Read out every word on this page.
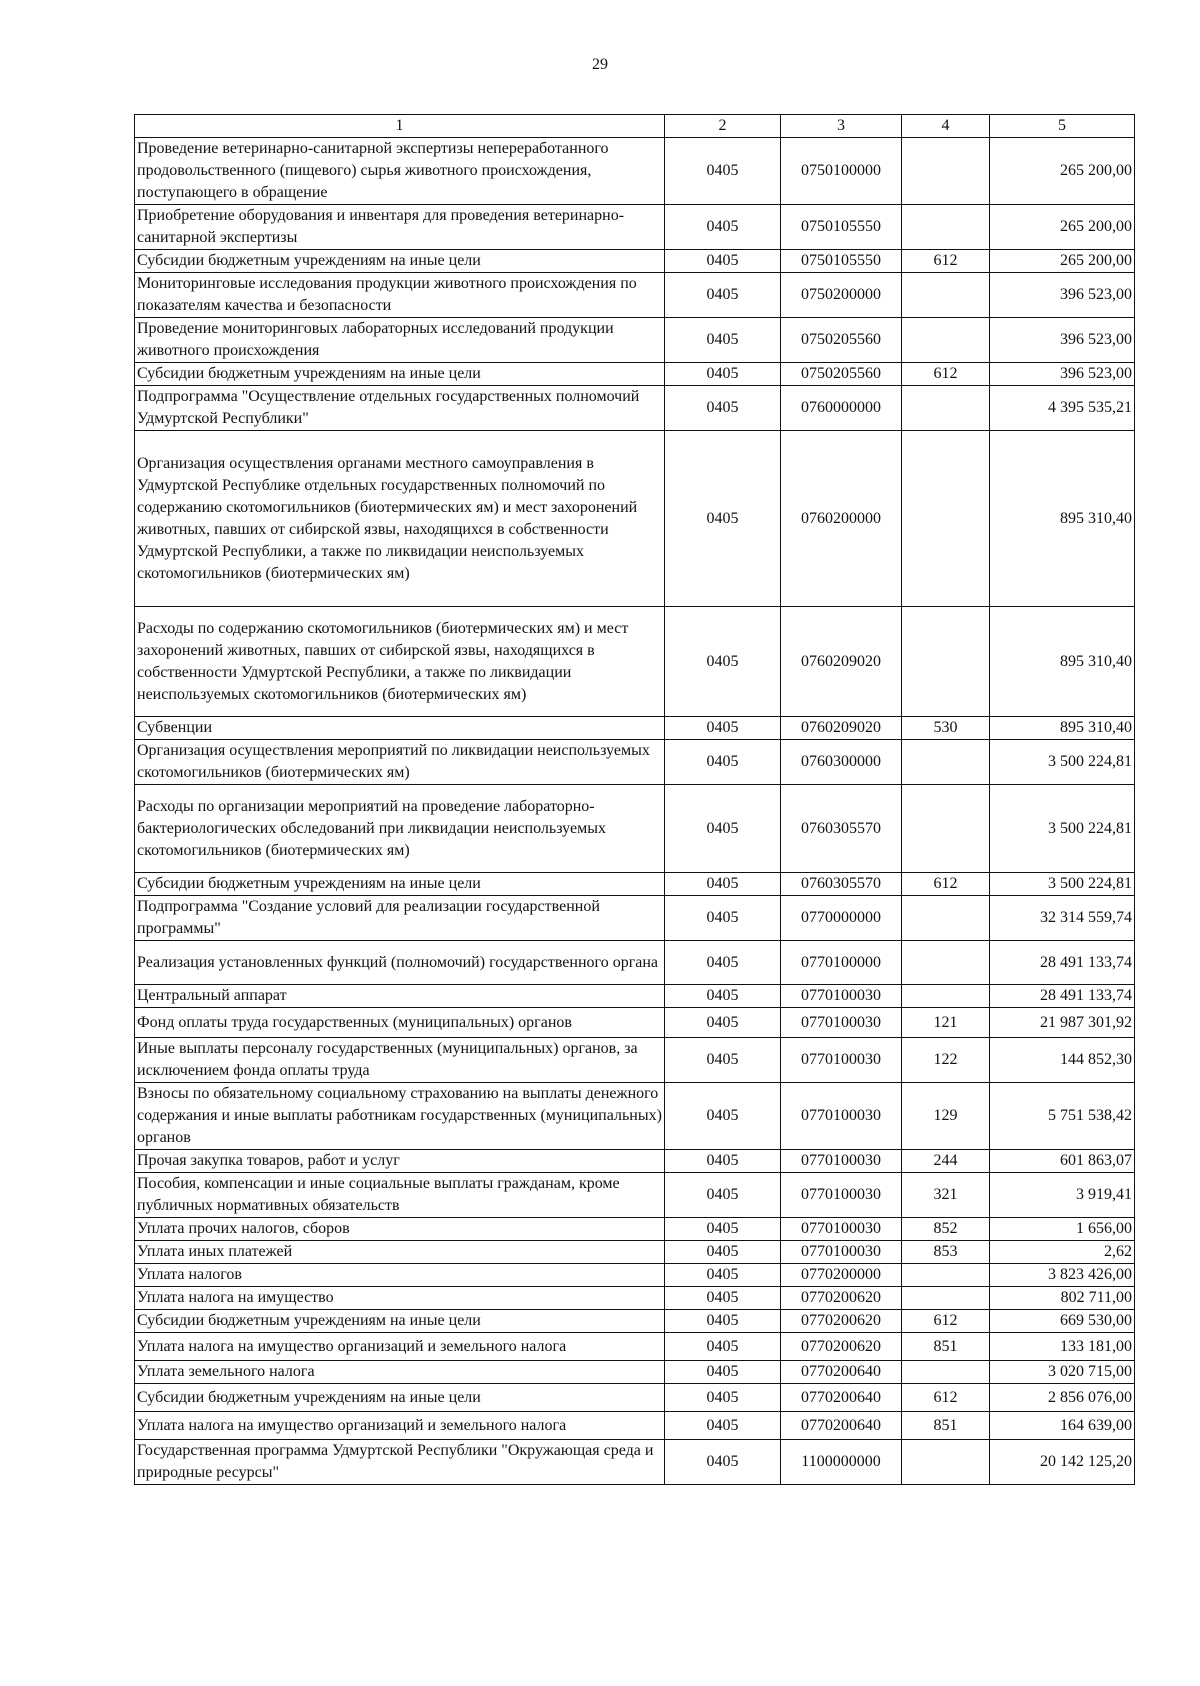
29
1	2	3	4	5
Проведение ветеринарно-санитарной экспертизы непереработанного продовольственного (пищевого) сырья животного происхождения, поступающего в обращение	0405	0750100000		265 200,00
Приобретение оборудования и инвентаря для проведения ветеринарно-санитарной экспертизы	0405	0750105550		265 200,00
Субсидии бюджетным учреждениям на иные цели	0405	0750105550	612	265 200,00
Мониторинговые исследования продукции животного происхождения по показателям качества и безопасности	0405	0750200000		396 523,00
Проведение мониторинговых лабораторных исследований продукции животного происхождения	0405	0750205560		396 523,00
Субсидии бюджетным учреждениям на иные цели	0405	0750205560	612	396 523,00
Подпрограмма "Осуществление отдельных государственных полномочий Удмуртской Республики"	0405	0760000000		4 395 535,21
Организация осуществления органами местного самоуправления в Удмуртской Республике отдельных государственных полномочий по содержанию скотомогильников (биотермических ям) и мест захоронений животных, павших от сибирской язвы, находящихся в собственности Удмуртской Республики, а также по ликвидации неиспользуемых скотомогильников (биотермических ям)	0405	0760200000		895 310,40
Расходы по содержанию скотомогильников (биотермических ям) и мест захоронений животных, павших от сибирской язвы, находящихся в собственности Удмуртской Республики, а также по ликвидации неиспользуемых скотомогильников (биотермических ям)	0405	0760209020		895 310,40
Субвенции	0405	0760209020	530	895 310,40
Организация осуществления мероприятий по ликвидации неиспользуемых скотомогильников (биотермических ям)	0405	0760300000		3 500 224,81
Расходы по организации мероприятий на проведение лабораторно-бактериологических обследований при ликвидации неиспользуемых скотомогильников (биотермических ям)	0405	0760305570		3 500 224,81
Субсидии бюджетным учреждениям на иные цели	0405	0760305570	612	3 500 224,81
Подпрограмма "Создание условий для реализации государственной программы"	0405	0770000000		32 314 559,74
Реализация установленных функций (полномочий) государственного органа	0405	0770100000		28 491 133,74
Центральный аппарат	0405	0770100030		28 491 133,74
Фонд оплаты труда государственных (муниципальных) органов	0405	0770100030	121	21 987 301,92
Иные выплаты персоналу государственных (муниципальных) органов, за исключением фонда оплаты труда	0405	0770100030	122	144 852,30
Взносы по обязательному социальному страхованию на выплаты денежного содержания и иные выплаты работникам государственных (муниципальных) органов	0405	0770100030	129	5 751 538,42
Прочая закупка товаров, работ и услуг	0405	0770100030	244	601 863,07
Пособия, компенсации и иные социальные выплаты гражданам, кроме публичных нормативных обязательств	0405	0770100030	321	3 919,41
Уплата прочих налогов, сборов	0405	0770100030	852	1 656,00
Уплата иных платежей	0405	0770100030	853	2,62
Уплата налогов	0405	0770200000		3 823 426,00
Уплата налога на имущество	0405	0770200620		802 711,00
Субсидии бюджетным учреждениям на иные цели	0405	0770200620	612	669 530,00
Уплата налога на имущество организаций и земельного налога	0405	0770200620	851	133 181,00
Уплата земельного налога	0405	0770200640		3 020 715,00
Субсидии бюджетным учреждениям на иные цели	0405	0770200640	612	2 856 076,00
Уплата налога на имущество организаций и земельного налога	0405	0770200640	851	164 639,00
Государственная программа Удмуртской Республики "Окружающая среда и природные ресурсы"	0405	1100000000		20 142 125,20
